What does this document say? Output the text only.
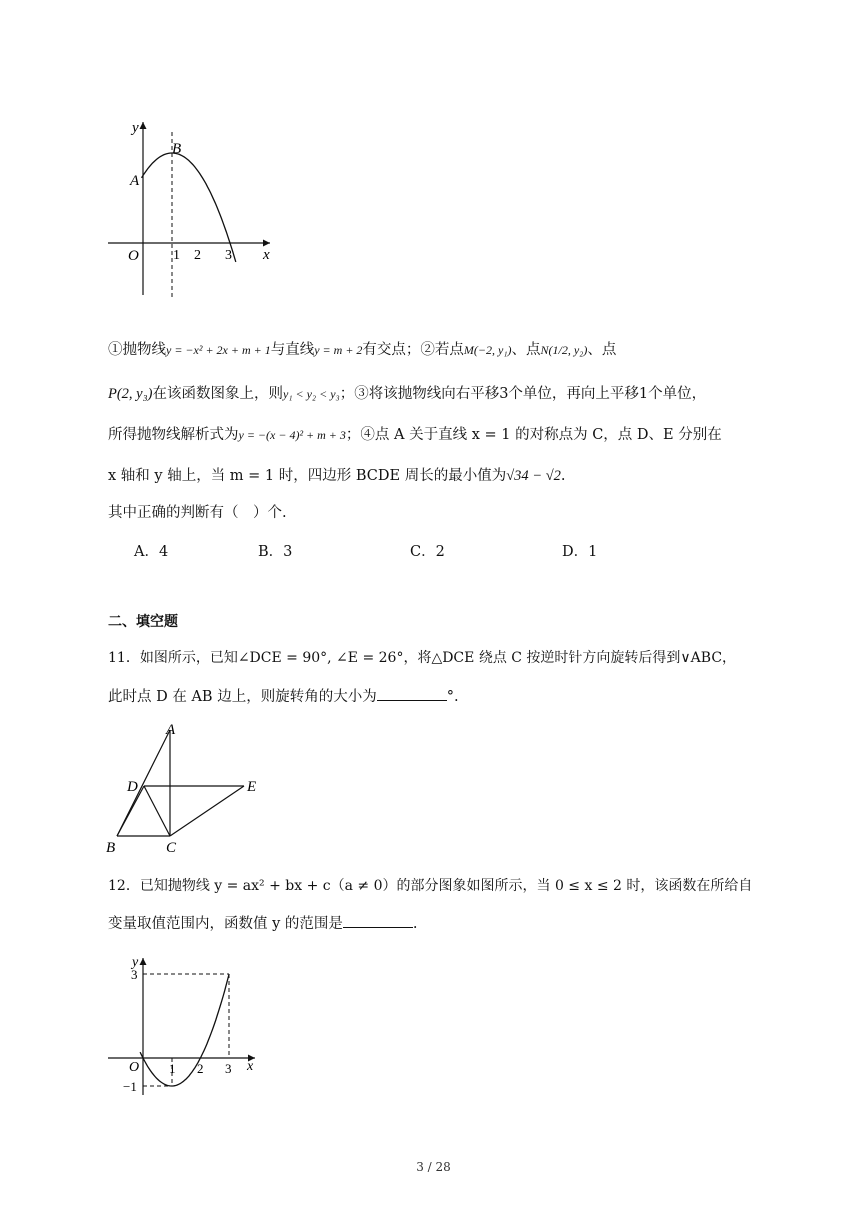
y
x
O
A
B
1 2 3
①抛物线y = −x² + 2x + m + 1与直线y = m + 2有交点；②若点M(−2, y₁)、点N(1/2, y₂)、点
P(2, y₃)在该函数图象上，则y₁ < y₂ < y₃；③将该抛物线向右平移3个单位，再向上平移1个单位，
所得抛物线解析式为y = −(x − 4)² + m + 3；④点 A 关于直线 x = 1 的对称点为 C，点 D、E 分别在
x 轴和 y 轴上，当 m = 1 时，四边形 BCDE 周长的最小值为√34 − √2.
其中正确的判断有（　）个.
A．4	B．3	C．2	D．1
二、填空题
11．如图所示，已知∠DCE = 90°, ∠E = 26°，将△DCE 绕点 C 按逆时针方向旋转后得到∨ABC，
此时点 D 在 AB 边上，则旋转角的大小为	°.
A
B	C
D	E
12．已知抛物线 y = ax² + bx + c（a ≠ 0）的部分图象如图所示，当 0 ≤ x ≤ 2 时，该函数在所给自
变量取值范围内，函数值 y 的范围是	.
y
x
O
3
−1
1 2 3
3 / 28
